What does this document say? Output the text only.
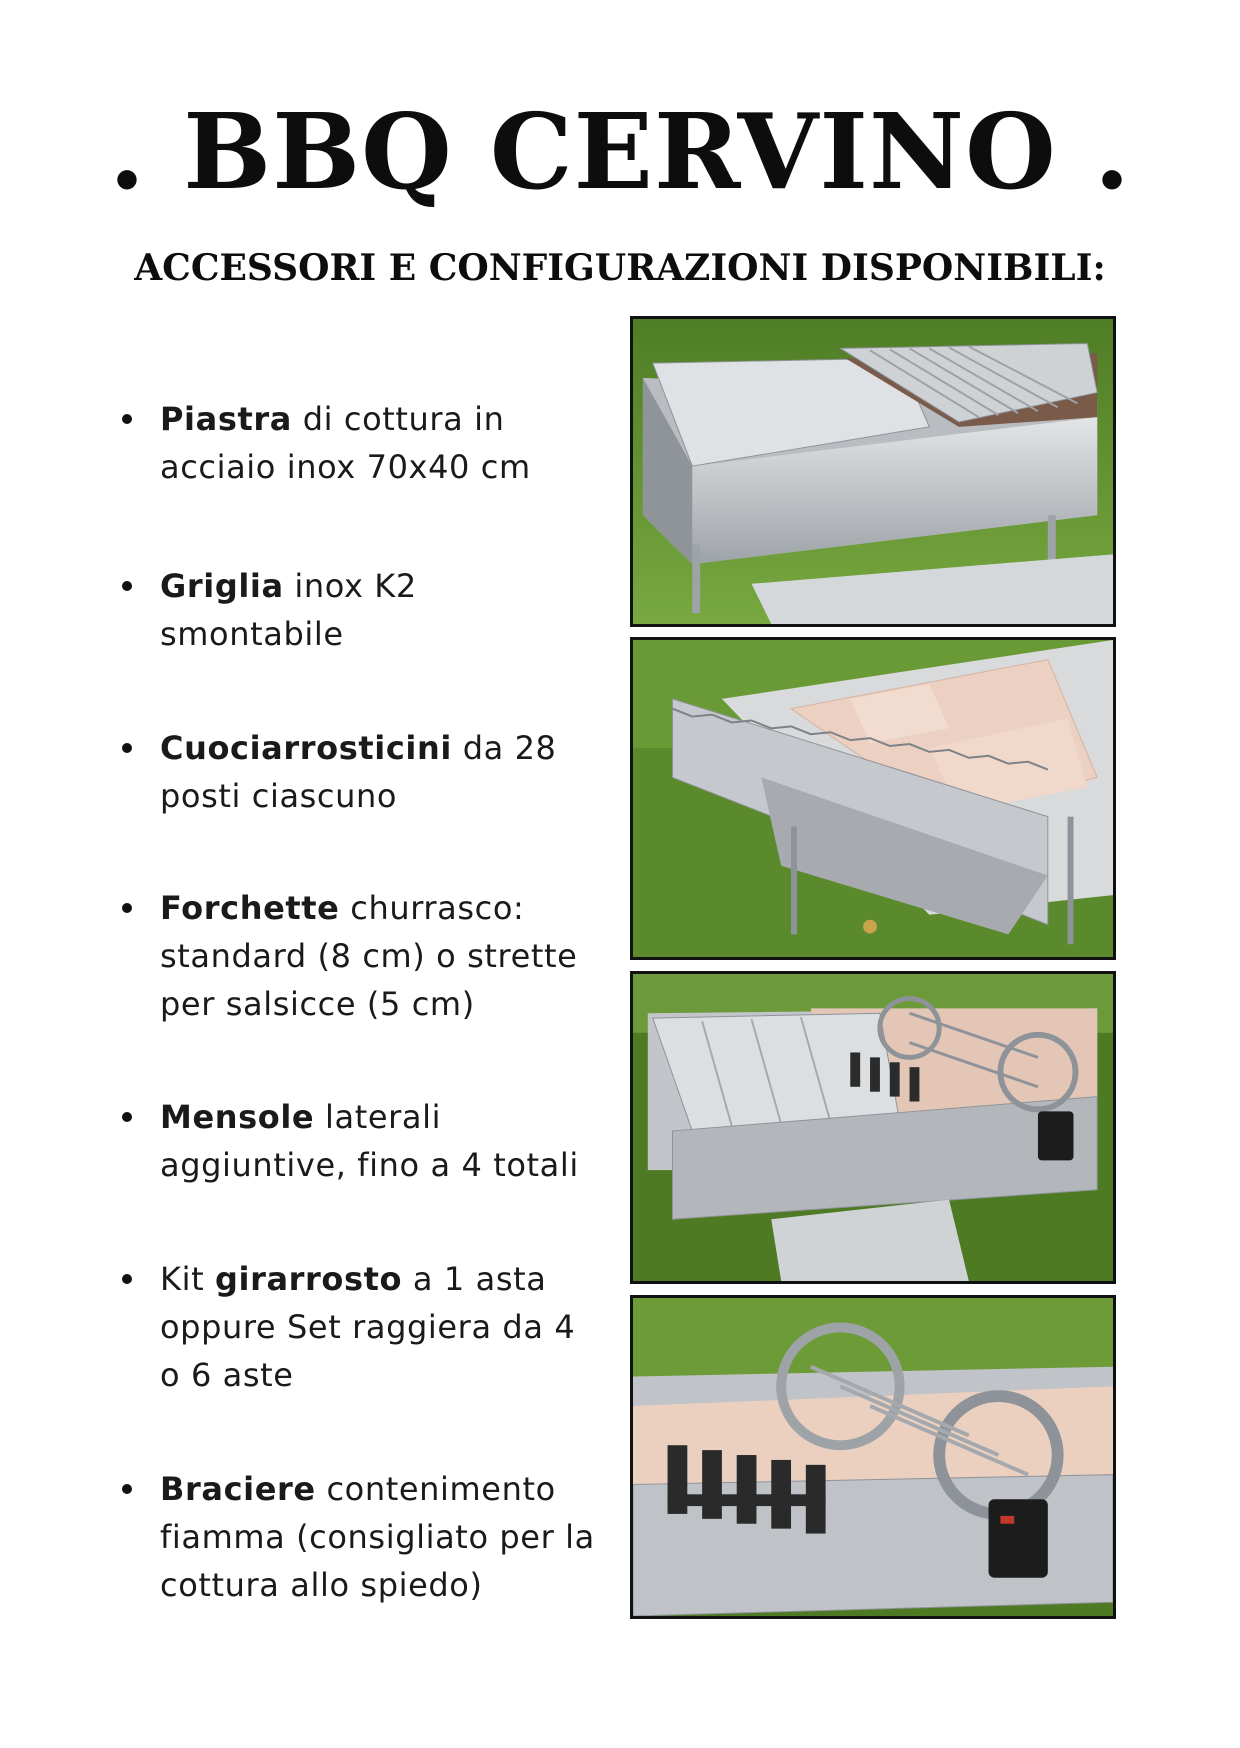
. BBQ CERVINO .
ACCESSORI E CONFIGURAZIONI DISPONIBILI:
Piastra di cottura in acciaio inox 70x40 cm
Griglia inox K2 smontabile
Cuociarrosticini da 28 posti ciascuno
Forchette churrasco: standard (8 cm) o strette per salsicce (5 cm)
Mensole laterali aggiuntive, fino a 4 totali
Kit girarrosto a 1 asta oppure Set raggiera da 4 o 6 aste
Braciere contenimento fiamma (consigliato per la cottura allo spiedo)
